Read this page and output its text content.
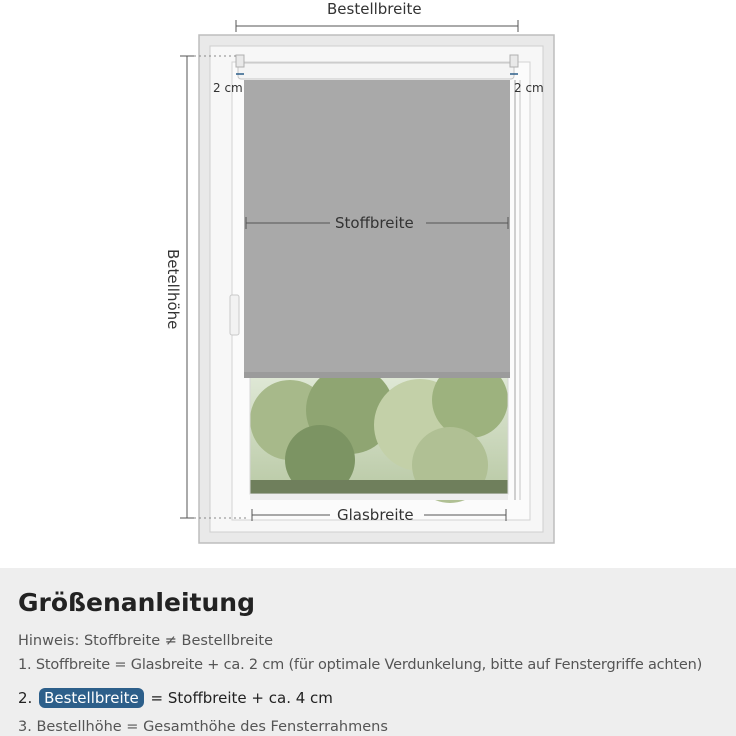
Bestellbreite
Betellhöhe
Stoffbreite
Glasbreite
2 cm	2 cm
Größenanleitung
Hinweis: Stoffbreite ≠ Bestellbreite
1. Stoffbreite = Glasbreite + ca. 2 cm (für optimale Verdunkelung, bitte auf Fenstergriffe achten)
2. Bestellbreite = Stoffbreite + ca. 4 cm
3. Bestellhöhe = Gesamthöhe des Fensterrahmens
